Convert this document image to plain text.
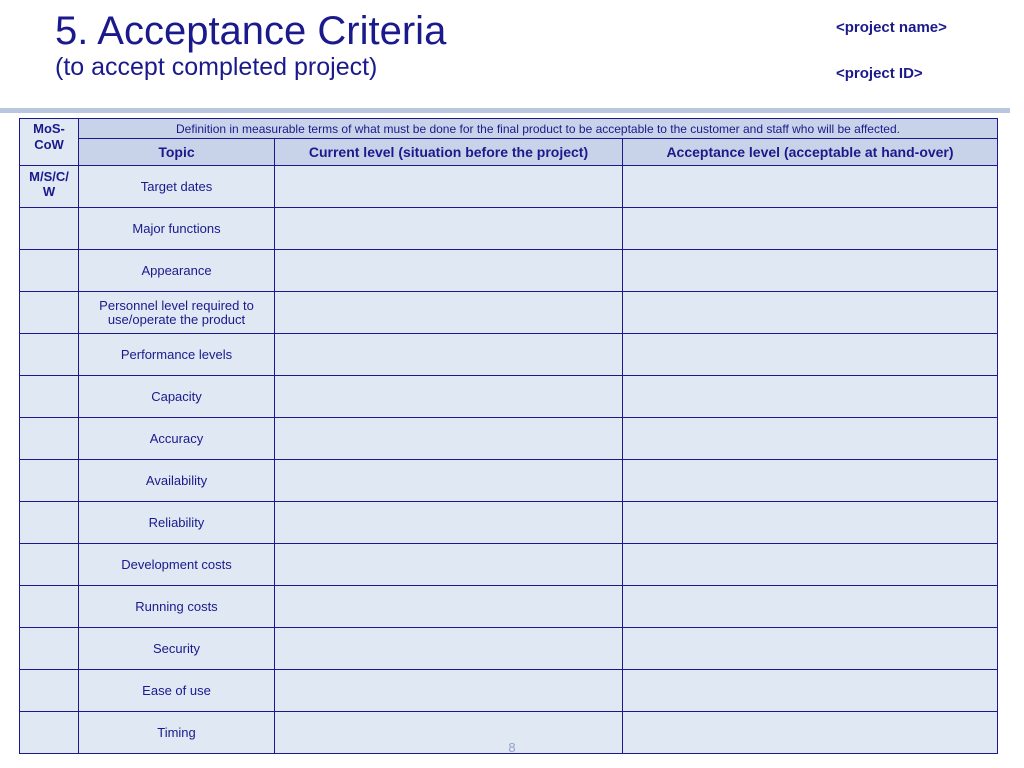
5. Acceptance Criteria
(to accept completed project)
<project name>
<project ID>
MoS-CoW	Definition in measurable terms of what must be done for the final product to be acceptable to the customer and staff who will be affected.		
	Topic	Current level (situation before the project)	Acceptance level (acceptable at hand-over)
M/S/C/ W	Target dates		
	Major functions		
	Appearance		
	Personnel level required to use/operate the product		
	Performance levels		
	Capacity		
	Accuracy		
	Availability		
	Reliability		
	Development costs		
	Running costs		
	Security		
	Ease of use		
	Timing		
8
